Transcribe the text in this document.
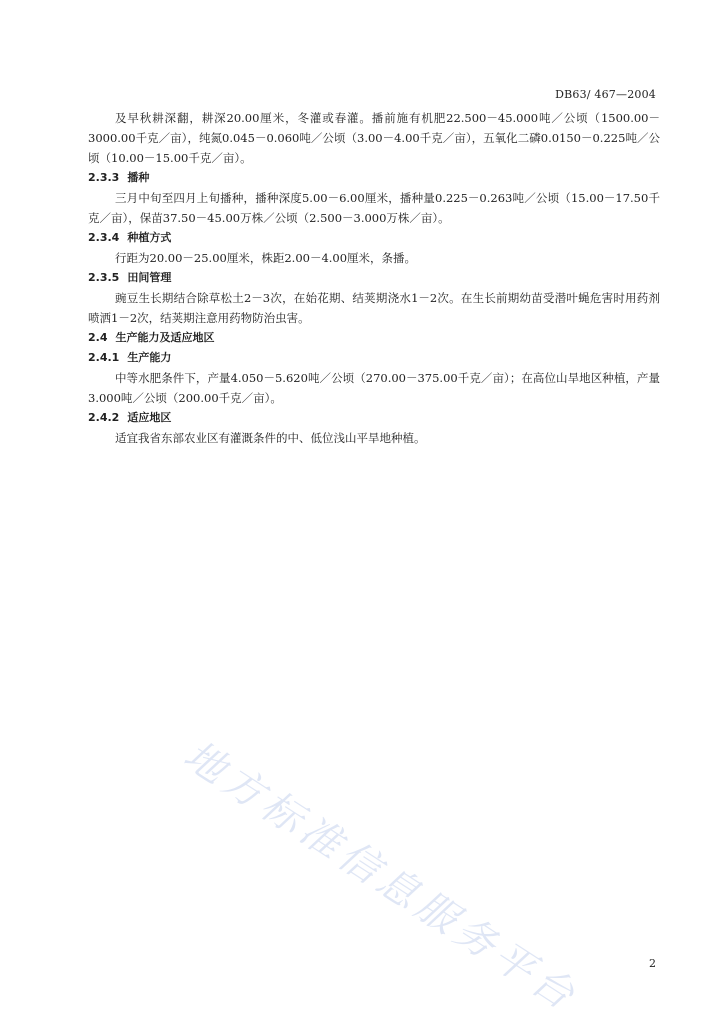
DB63/ 467—2004

及早秋耕深翻，耕深20.00厘米，冬灌或春灌。播前施有机肥22.500－45.000吨／公顷（1500.00－3000.00千克／亩），纯氮0.045－0.060吨／公顷（3.00－4.00千克／亩），五氧化二磷0.0150－0.225吨／公顷（10.00－15.00千克／亩）。

2.3.3 播种

三月中旬至四月上旬播种，播种深度5.00－6.00厘米，播种量0.225－0.263吨／公顷（15.00－17.50千克／亩），保苗37.50－45.00万株／公顷（2.500－3.000万株／亩）。

2.3.4 种植方式

行距为20.00－25.00厘米，株距2.00－4.00厘米，条播。

2.3.5 田间管理

豌豆生长期结合除草松土2－3次，在始花期、结荚期浇水1－2次。在生长前期幼苗受潜叶蝇危害时用药剂喷洒1－2次，结荚期注意用药物防治虫害。

2.4 生产能力及适应地区
2.4.1 生产能力

中等水肥条件下，产量4.050－5.620吨／公顷（270.00－375.00千克／亩）；在高位山旱地区种植，产量3.000吨／公顷（200.00千克／亩）。

2.4.2 适应地区

适宜我省东部农业区有灌溉条件的中、低位浅山平旱地种植。

地方标准信息服务平台	2
